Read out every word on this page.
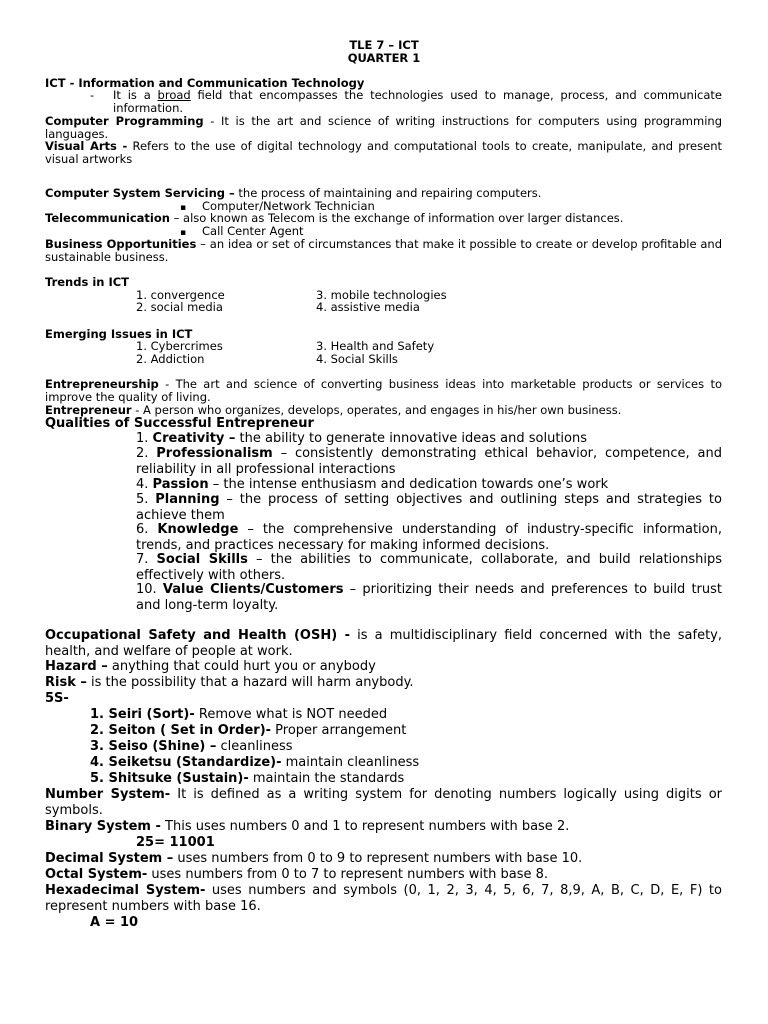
TLE 7 – ICT
QUARTER 1
ICT - Information and Communication Technology
- It is a broad field that encompasses the technologies used to manage, process, and communicate information.
Computer Programming - It is the art and science of writing instructions for computers using programming languages.
Visual Arts - Refers to the use of digital technology and computational tools to create, manipulate, and present visual artworks
Computer System Servicing – the process of maintaining and repairing computers.
▪ Computer/Network Technician
Telecommunication – also known as Telecom is the exchange of information over larger distances.
▪ Call Center Agent
Business Opportunities – an idea or set of circumstances that make it possible to create or develop profitable and sustainable business.
Trends in ICT
1. convergence
2. social media
3. mobile technologies
4. assistive media
Emerging Issues in ICT
1. Cybercrimes
2. Addiction
3. Health and Safety
4. Social Skills
Entrepreneurship - The art and science of converting business ideas into marketable products or services to improve the quality of living.
Entrepreneur - A person who organizes, develops, operates, and engages in his/her own business.
Qualities of Successful Entrepreneur
1. Creativity – the ability to generate innovative ideas and solutions
2. Professionalism – consistently demonstrating ethical behavior, competence, and reliability in all professional interactions
4. Passion – the intense enthusiasm and dedication towards one’s work
5. Planning – the process of setting objectives and outlining steps and strategies to achieve them
6. Knowledge – the comprehensive understanding of industry-specific information, trends, and practices necessary for making informed decisions.
7. Social Skills – the abilities to communicate, collaborate, and build relationships effectively with others.
10. Value Clients/Customers – prioritizing their needs and preferences to build trust and long-term loyalty.
Occupational Safety and Health (OSH) - is a multidisciplinary field concerned with the safety, health, and welfare of people at work.
Hazard – anything that could hurt you or anybody
Risk – is the possibility that a hazard will harm anybody.
5S-
1. Seiri (Sort)- Remove what is NOT needed
2. Seiton ( Set in Order)- Proper arrangement
3. Seiso (Shine) – cleanliness
4. Seiketsu (Standardize)- maintain cleanliness
5. Shitsuke (Sustain)- maintain the standards
Number System- It is defined as a writing system for denoting numbers logically using digits or symbols.
Binary System - This uses numbers 0 and 1 to represent numbers with base 2.
25= 11001
Decimal System – uses numbers from 0 to 9 to represent numbers with base 10.
Octal System- uses numbers from 0 to 7 to represent numbers with base 8.
Hexadecimal System- uses numbers and symbols (0, 1, 2, 3, 4, 5, 6, 7, 8,9, A, B, C, D, E, F) to represent numbers with base 16.
A = 10
